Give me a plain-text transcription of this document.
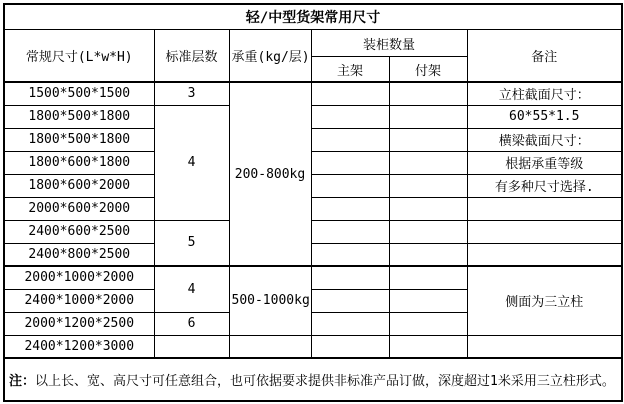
轻/中型货架常用尺寸					
常规尺寸(L*w*H)	标准层数	承重(kg/层)	装柜数量		备注
			主架	付架	
1500*500*1500	3	200-800kg			立柱截面尺寸：
1800*500*1800	4				60*55*1.5
1800*500*1800					横梁截面尺寸：
1800*600*1800					根据承重等级
1800*600*2000					有多种尺寸选择.
2000*600*2000					
2400*600*2500	5				
2400*800*2500					
2000*1000*2000	4	500-1000kg			侧面为三立柱
2400*1000*2000					
2000*1200*2500	6				
2400*1200*3000					
注：以上长、宽、高尺寸可任意组合，也可依据要求提供非标准产品订做，深度超过1米采用三立柱形式。					
